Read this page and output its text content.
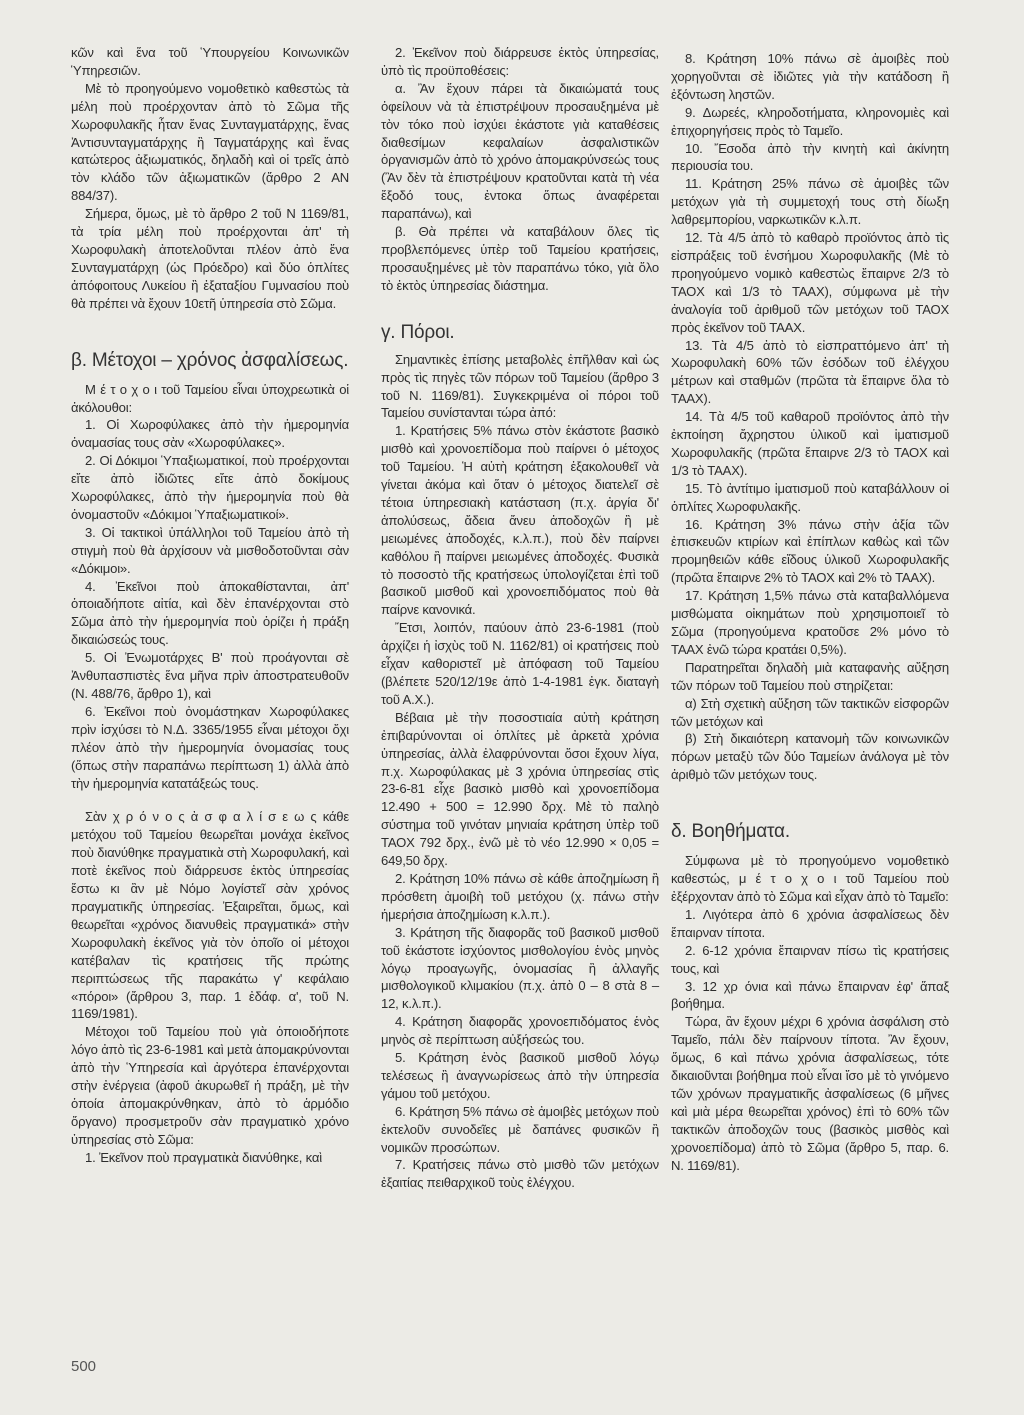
κῶν καὶ ἕνα τοῦ Ὑπουργείου Κοινωνικῶν Ὑπηρεσιῶν.

Μὲ τὸ προηγούμενο νομοθετικὸ καθεστὼς τὰ μέλη ποὺ προέρχονταν ἀπὸ τὸ Σῶμα τῆς Χωροφυλακῆς ἦταν ἕνας Συνταγματάρχης, ἕνας Ἀντισυνταγματάρχης ἢ Ταγματάρχης καὶ ἕνας κατώτερος ἀξιωματικός, δηλαδὴ καὶ οἱ τρεῖς ἀπὸ τὸν κλάδο τῶν ἀξιωματικῶν (ἄρθρο 2 ΑΝ 884/37).

Σήμερα, ὅμως, μὲ τὸ ἄρθρο 2 τοῦ Ν 1169/81, τὰ τρία μέλη ποὺ προέρχονται ἀπ' τὴ Χωροφυλακὴ ἀποτελοῦνται πλέον ἀπὸ ἕνα Συνταγματάρχη (ὡς Πρόεδρο) καὶ δύο ὁπλίτες ἀπόφοιτους Λυκείου ἢ ἑξαταξίου Γυμνασίου ποὺ θὰ πρέπει νὰ ἔχουν 10ετῆ ὑπηρεσία στὸ Σῶμα.

β. Μέτοχοι – χρόνος ἀσφαλίσεως.

Μ έ τ ο χ ο ι τοῦ Ταμείου εἶναι ὑποχρεωτικὰ οἱ ἀκόλουθοι:

1. Οἱ Χωροφύλακες ἀπὸ τὴν ἡμερομηνία ὀναμασίας τους σὰν «Χωροφύλακες».

2. Οἱ Δόκιμοι Ὑπαξιωματικοί, ποὺ προέρχονται εἴτε ἀπὸ ἰδιῶτες εἴτε ἀπὸ δοκίμους Χωροφύλακες, ἀπὸ τὴν ἡμερομηνία ποὺ θὰ ὀνομαστοῦν «Δόκιμοι Ὑπαξιωματικοί».

3. Οἱ τακτικοὶ ὑπάλληλοι τοῦ Ταμείου ἀπὸ τὴ στιγμὴ ποὺ θὰ ἀρχίσουν νὰ μισθοδοτοῦνται σὰν «Δόκιμοι».

4. Ἐκεῖνοι ποὺ ἀποκαθίστανται, ἀπ' ὁποιαδήποτε αἰτία, καὶ δὲν ἐπανέρχονται στὸ Σῶμα ἀπὸ τὴν ἡμερομηνία ποὺ ὁρίζει ἡ πράξη δικαιώσεώς τους.

5. Οἱ Ἐνωμοτάρχες Β' ποὺ προάγονται σὲ Ἀνθυπασπιστὲς ἕνα μῆνα πρὶν ἀποστρατευθοῦν (Ν. 488/76, ἄρθρο 1), καὶ

6. Ἐκεῖνοι ποὺ ὀνομάστηκαν Χωροφύλακες πρὶν ἰσχύσει τὸ Ν.Δ. 3365/1955 εἶναι μέτοχοι ὄχι πλέον ἀπὸ τὴν ἡμερομηνία ὀνομασίας τους (ὅπως στὴν παραπάνω περίπτωση 1) ἀλλὰ ἀπὸ τὴν ἡμερομηνία κατατάξεώς τους.

Σὰν χ ρ ό ν ο ς ἀ σ φ α λ ί σ ε ω ς κάθε μετόχου τοῦ Ταμείου θεωρεῖται μονάχα ἐκεῖνος ποὺ διανύθηκε πραγματικὰ στὴ Χωροφυλακή, καὶ ποτὲ ἐκεῖνος ποὺ διάρρευσε ἐκτὸς ὑπηρεσίας ἔστω κι ἂν μὲ Νόμο λογίστεῖ σὰν χρόνος πραγματικῆς ὑπηρεσίας. Ἐξαιρεῖται, ὅμως, καὶ θεωρεῖται «χρόνος διανυθεὶς πραγματικά» στὴν Χωροφυλακὴ ἐκεῖνος γιὰ τὸν ὁποῖο οἱ μέτοχοι κατέβαλαν τὶς κρατήσεις τῆς πρώτης περιπτώσεως τῆς παρακάτω γ' κεφάλαιο «πόροι» (ἄρθρου 3, παρ. 1 ἐδάφ. α', τοῦ Ν. 1169/1981).

Μέτοχοι τοῦ Ταμείου ποὺ γιὰ ὁποιοδήποτε λόγο ἀπὸ τὶς 23-6-1981 καὶ μετὰ ἀπομακρύνονται ἀπὸ τὴν Ὑπηρεσία καὶ ἀργότερα ἐπανέρχονται στὴν ἐνέργεια (ἀφοῦ ἀκυρωθεῖ ἡ πράξη, μὲ τὴν ὁποία ἀπομακρύνθηκαν, ἀπὸ τὸ ἁρμόδιο ὄργανο) προσμετροῦν σὰν πραγματικὸ χρόνο ὑπηρεσίας στὸ Σῶμα:

1. Ἐκεῖνον ποὺ πραγματικὰ διανύθηκε, καὶ

2. Ἐκεῖνον ποὺ διάρρευσε ἐκτὸς ὑπηρεσίας, ὑπὸ τὶς προϋποθέσεις:

α. Ἂν ἔχουν πάρει τὰ δικαιώματά τους ὀφείλουν νὰ τὰ ἐπιστρέψουν προσαυξημένα μὲ τὸν τόκο ποὺ ἰσχύει ἑκάστοτε γιὰ καταθέσεις διαθεσίμων κεφαλαίων ἀσφαλιστικῶν ὀργανισμῶν ἀπὸ τὸ χρόνο ἀπομακρύνσεώς τους (Ἂν δὲν τὰ ἐπιστρέψουν κρατοῦνται κατὰ τὴ νέα ἔξοδό τους, ἐντοκα ὅπως ἀναφέρεται παραπάνω), καὶ

β. Θὰ πρέπει νὰ καταβάλουν ὅλες τὶς προβλεπόμενες ὑπὲρ τοῦ Ταμείου κρατήσεις, προσαυξημένες μὲ τὸν παραπάνω τόκο, γιὰ ὅλο τὸ ἐκτὸς ὑπηρεσίας διάστημα.

γ. Πόροι.

Σημαντικὲς ἐπίσης μεταβολὲς ἐπῆλθαν καὶ ὡς πρὸς τὶς πηγὲς τῶν πόρων τοῦ Ταμείου (ἄρθρο 3 τοῦ Ν. 1169/81). Συγκεκριμένα οἱ πόροι τοῦ Ταμείου συνίστανται τώρα ἀπό:

1. Κρατήσεις 5% πάνω στὸν ἑκάστοτε βασικὸ μισθὸ καὶ χρονοεπίδομα ποὺ παίρνει ὁ μέτοχος τοῦ Ταμείου. Ἡ αὐτὴ κράτηση ἐξακολουθεῖ νὰ γίνεται ἀκόμα καὶ ὅταν ὁ μέτοχος διατελεῖ σὲ τέτοια ὑπηρεσιακὴ κατάσταση (π.χ. ἀργία δι' ἀπολύσεως, ἄδεια ἄνευ ἀποδοχῶν ἢ μὲ μειωμένες ἀποδοχές, κ.λ.π.), ποὺ δὲν παίρνει καθόλου ἢ παίρνει μειωμένες ἀποδοχές. Φυσικὰ τὸ ποσοστὸ τῆς κρατήσεως ὑπολογίζεται ἐπὶ τοῦ βασικοῦ μισθοῦ καὶ χρονοεπιδόματος ποὺ θὰ παίρνε κανονικά.

Ἔτσι, λοιπόν, παύουν ἀπὸ 23-6-1981 (ποὺ ἀρχίζει ἡ ἰσχὺς τοῦ Ν. 1162/81) οἱ κρατήσεις ποὺ εἶχαν καθοριστεῖ μὲ ἀπόφαση τοῦ Ταμείου (βλέπετε 520/12/19ε ἀπὸ 1-4-1981 ἐγκ. διαταγὴ τοῦ Α.Χ.).

Βέβαια μὲ τὴν ποσοστιαία αὐτὴ κράτηση ἐπιβαρύνονται οἱ ὁπλίτες μὲ ἀρκετὰ χρόνια ὑπηρεσίας, ἀλλὰ ἐλαφρύνονται ὅσοι ἔχουν λίγα, π.χ. Χωροφύλακας μὲ 3 χρόνια ὑπηρεσίας στὶς 23-6-81 εἶχε βασικὸ μισθὸ καὶ χρονοεπίδομα 12.490 + 500 = 12.990 δρχ. Μὲ τὸ παληὸ σύστημα τοῦ γινόταν μηνιαία κράτηση ὑπὲρ τοῦ ΤΑΟΧ 792 δρχ., ἐνῶ μὲ τὸ νέο 12.990 × 0,05 = 649,50 δρχ.

2. Κράτηση 10% πάνω σὲ κάθε ἀποζημίωση ἢ πρόσθετη ἀμοιβὴ τοῦ μετόχου (χ. πάνω στὴν ἡμερήσια ἀποζημίωση κ.λ.π.).

3. Κράτηση τῆς διαφορᾶς τοῦ βασικοῦ μισθοῦ τοῦ ἑκάστοτε ἰσχύοντος μισθολογίου ἑνὸς μηνὸς λόγῳ προαγωγῆς, ὀνομασίας ἢ ἀλλαγῆς μισθολογικοῦ κλιμακίου (π.χ. ἀπὸ 0 – 8 στὰ 8 – 12, κ.λ.π.).

4. Κράτηση διαφορᾶς χρονοεπιδόματος ἑνὸς μηνὸς σὲ περίπτωση αὐξήσεώς του.

5. Κράτηση ἑνὸς βασικοῦ μισθοῦ λόγῳ τελέσεως ἢ ἀναγνωρίσεως ἀπὸ τὴν ὑπηρεσία γάμου τοῦ μετόχου.

6. Κράτηση 5% πάνω σὲ ἀμοιβὲς μετόχων ποὺ ἐκτελοῦν συνοδεῖες μὲ δαπάνες φυσικῶν ἢ νομικῶν προσώπων.

7. Κρατήσεις πάνω στὸ μισθὸ τῶν μετόχων ἐξαιτίας πειθαρχικοῦ τοὺς ἐλέγχου.

8. Κράτηση 10% πάνω σὲ ἀμοιβὲς ποὺ χορηγοῦνται σὲ ἰδιῶτες γιὰ τὴν κατάδοση ἢ ἐξόντωση ληστῶν.

9. Δωρεές, κληροδοτήματα, κληρονομιὲς καὶ ἐπιχορηγήσεις πρὸς τὸ Ταμεῖο.

10. Ἔσοδα ἀπὸ τὴν κινητὴ καὶ ἀκίνητη περιουσία του.

11. Κράτηση 25% πάνω σὲ ἀμοιβὲς τῶν μετόχων γιὰ τὴ συμμετοχή τους στὴ δίωξη λαθρεμπορίου, ναρκωτικῶν κ.λ.π.

12. Τὰ 4/5 ἀπὸ τὸ καθαρὸ προϊόντος ἀπὸ τὶς εἰσπράξεις τοῦ ἐνσήμου Χωροφυλακῆς (Μὲ τὸ προηγούμενο νομικὸ καθεστὼς ἔπαιρνε 2/3 τὸ ΤΑΟΧ καὶ 1/3 τὸ ΤΑΑΧ), σύμφωνα μὲ τὴν ἀναλογία τοῦ ἀριθμοῦ τῶν μετόχων τοῦ ΤΑΟΧ πρὸς ἐκεῖνον τοῦ ΤΑΑΧ.

13. Τὰ 4/5 ἀπὸ τὸ εἰσπραττόμενο ἀπ' τὴ Χωροφυλακὴ 60% τῶν ἐσόδων τοῦ ἐλέγχου μέτρων καὶ σταθμῶν (πρῶτα τὰ ἔπαιρνε ὅλα τὸ ΤΑΑΧ).

14. Τὰ 4/5 τοῦ καθαροῦ προϊόντος ἀπὸ τὴν ἐκποίηση ἄχρηστου ὑλικοῦ καὶ ἱματισμοῦ Χωροφυλακῆς (πρῶτα ἔπαιρνε 2/3 τὸ ΤΑΟΧ καὶ 1/3 τὸ ΤΑΑΧ).

15. Τὸ ἀντίτιμο ἱματισμοῦ ποὺ καταβάλλουν οἱ ὁπλίτες Χωροφυλακῆς.

16. Κράτηση 3% πάνω στὴν ἀξία τῶν ἐπισκευῶν κτιρίων καὶ ἐπίπλων καθὼς καὶ τῶν προμηθειῶν κάθε εἴδους ὑλικοῦ Χωροφυλακῆς (πρῶτα ἔπαιρνε 2% τὸ ΤΑΟΧ καὶ 2% τὸ ΤΑΑΧ).

17. Κράτηση 1,5% πάνω στὰ καταβαλλόμενα μισθώματα οἰκημάτων ποὺ χρησιμοποιεῖ τὸ Σῶμα (προηγούμενα κρατοῦσε 2% μόνο τὸ ΤΑΑΧ ἐνῶ τώρα κρατάει 0,5%).

Παρατηρεῖται δηλαδὴ μιὰ καταφανὴς αὔξηση τῶν πόρων τοῦ Ταμείου ποὺ στηρίζεται:

α) Στὴ σχετικὴ αὔξηση τῶν τακτικῶν εἰσφορῶν τῶν μετόχων καὶ

β) Στὴ δικαιότερη κατανομὴ τῶν κοινωνικῶν πόρων μεταξὺ τῶν δύο Ταμείων ἀνάλογα μὲ τὸν ἀριθμὸ τῶν μετόχων τους.

δ. Βοηθήματα.

Σύμφωνα μὲ τὸ προηγούμενο νομοθετικὸ καθεστώς, μ έ τ ο χ ο ι τοῦ Ταμείου ποὺ ἐξέρχονταν ἀπὸ τὸ Σῶμα καὶ εἶχαν ἀπὸ τὸ Ταμεῖο:

1. Λιγότερα ἀπὸ 6 χρόνια ἀσφαλίσεως δὲν ἔπαιρναν τίποτα.

2. 6-12 χρόνια ἔπαιρναν πίσω τὶς κρατήσεις τους, καὶ

3. 12 χρ όνια καὶ πάνω ἔπαιρναν ἐφ' ἅπαξ βοήθημα.

Τώρα, ἂν ἔχουν μέχρι 6 χρόνια ἀσφάλιση στὸ Ταμεῖο, πάλι δὲν παίρνουν τίποτα. Ἂν ἔχουν, ὅμως, 6 καὶ πάνω χρόνια ἀσφαλίσεως, τότε δικαιοῦνται βοήθημα ποὺ εἶναι ἴσο μὲ τὸ γινόμενο τῶν χρόνων πραγματικῆς ἀσφαλίσεως (6 μῆνες καὶ μιὰ μέρα θεωρεῖται χρόνος) ἐπὶ τὸ 60% τῶν τακτικῶν ἀποδοχῶν τους (βασικὸς μισθὸς καὶ χρονοεπίδομα) ἀπὸ τὸ Σῶμα (ἄρθρο 5, παρ. 6. Ν. 1169/81).

500
